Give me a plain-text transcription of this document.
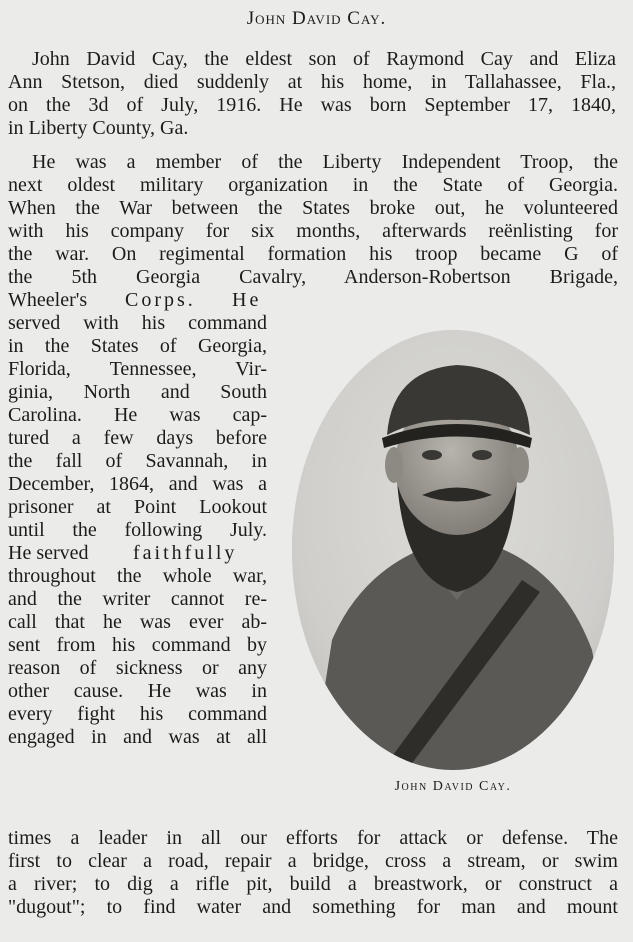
John David Cay.
John David Cay, the eldest son of Raymond Cay and Eliza
Ann Stetson, died suddenly at his home, in Tallahassee, Fla.,
on the 3d of July, 1916. He was born September 17, 1840,
in Liberty County, Ga.
He was a member of the Liberty Independent Troop, the
next oldest military organization in the State of Georgia.
When the War between the States broke out, he volunteered
with his company for six months, afterwards reënlisting for
the war. On regimental formation his troop became G of
the 5th Georgia Cavalry, Anderson-Robertson Brigade,
Wheeler's Corps. He
served with his command
in the States of Georgia,
Florida, Tennessee, Vir-
ginia, North and South
Carolina. He was cap-
tured a few days before
the fall of Savannah, in
December, 1864, and was a
prisoner at Point Lookout
until the following July.
He served faithfully
throughout the whole war,
and the writer cannot re-
call that he was ever ab-
sent from his command by
reason of sickness or any
other cause. He was in
every fight his command
engaged in and was at all
times a leader in all our efforts for attack or defense. The
first to clear a road, repair a bridge, cross a stream, or swim
a river; to dig a rifle pit, build a breastwork, or construct a
"dugout"; to find water and something for man and mount
John David Cay.
